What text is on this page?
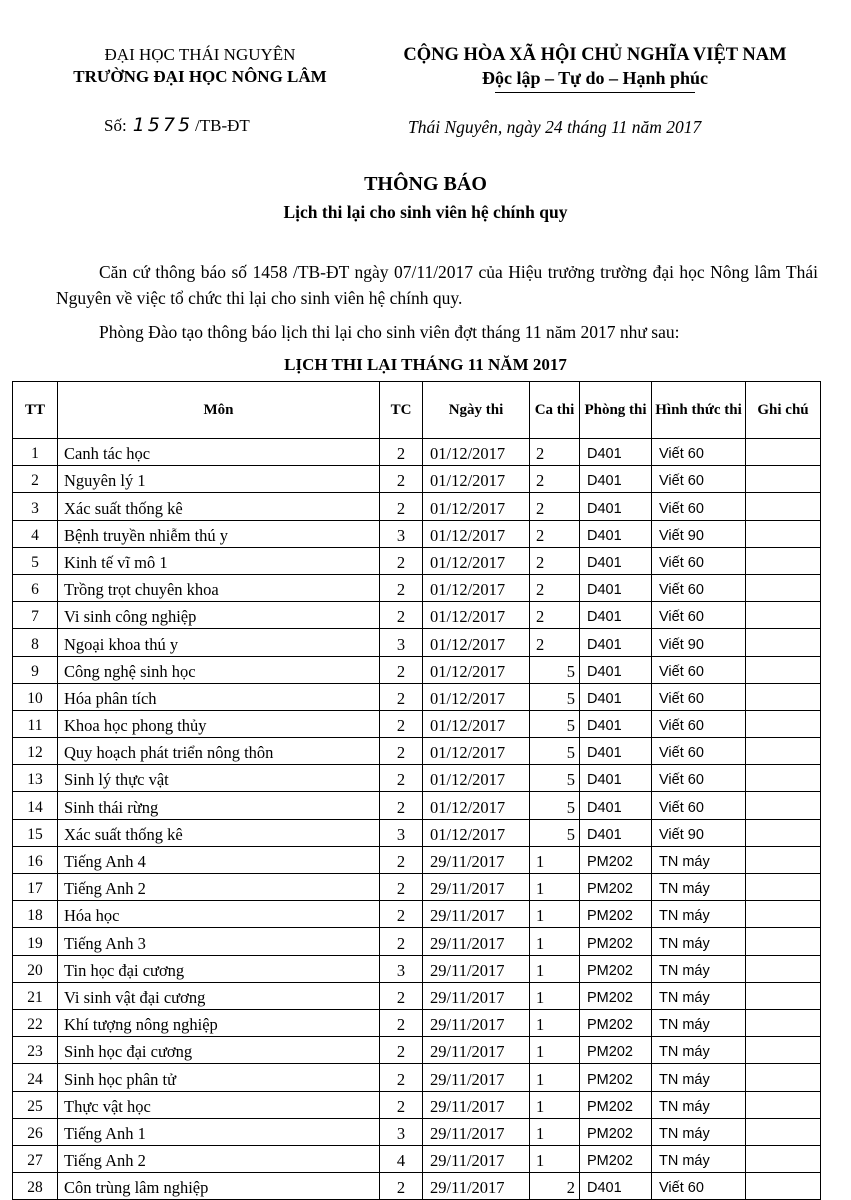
ĐẠI HỌC THÁI NGUYÊN
TRƯỜNG ĐẠI HỌC NÔNG LÂM
CỘNG HÒA XÃ HỘI CHỦ NGHĨA VIỆT NAM
Độc lập – Tự do – Hạnh phúc
Số: 1575 /TB-ĐT	Thái Nguyên, ngày 24 tháng 11 năm 2017
THÔNG BÁO
Lịch thi lại cho sinh viên hệ chính quy
Căn cứ thông báo số 1458 /TB-ĐT ngày 07/11/2017 của Hiệu trưởng trường đại học Nông lâm Thái Nguyên về việc tổ chức thi lại cho sinh viên hệ chính quy.
Phòng Đào tạo thông báo lịch thi lại cho sinh viên đợt tháng 11 năm 2017 như sau:
LỊCH THI LẠI THÁNG 11 NĂM 2017
TT	Môn	TC	Ngày thi	Ca thi	Phòng thi	Hình thức thi	Ghi chú
1	Canh tác học	2	01/12/2017	2	D401	Viết 60	
2	Nguyên lý 1	2	01/12/2017	2	D401	Viết 60	
3	Xác suất thống kê	2	01/12/2017	2	D401	Viết 60	
4	Bệnh truyền nhiễm thú y	3	01/12/2017	2	D401	Viết 90	
5	Kinh tế vĩ mô 1	2	01/12/2017	2	D401	Viết 60	
6	Trồng trọt chuyên khoa	2	01/12/2017	2	D401	Viết 60	
7	Vi sinh công nghiệp	2	01/12/2017	2	D401	Viết 60	
8	Ngoại khoa thú y	3	01/12/2017	2	D401	Viết 90	
9	Công nghệ sinh học	2	01/12/2017	5	D401	Viết 60	
10	Hóa phân tích	2	01/12/2017	5	D401	Viết 60	
11	Khoa học phong thủy	2	01/12/2017	5	D401	Viết 60	
12	Quy hoạch phát triển nông thôn	2	01/12/2017	5	D401	Viết 60	
13	Sinh lý thực vật	2	01/12/2017	5	D401	Viết 60	
14	Sinh thái rừng	2	01/12/2017	5	D401	Viết 60	
15	Xác suất thống kê	3	01/12/2017	5	D401	Viết 90	
16	Tiếng Anh 4	2	29/11/2017	1	PM202	TN máy	
17	Tiếng Anh 2	2	29/11/2017	1	PM202	TN máy	
18	Hóa học	2	29/11/2017	1	PM202	TN máy	
19	Tiếng Anh 3	2	29/11/2017	1	PM202	TN máy	
20	Tin học đại cương	3	29/11/2017	1	PM202	TN máy	
21	Vi sinh vật đại cương	2	29/11/2017	1	PM202	TN máy	
22	Khí tượng nông nghiệp	2	29/11/2017	1	PM202	TN máy	
23	Sinh học đại cương	2	29/11/2017	1	PM202	TN máy	
24	Sinh học phân tử	2	29/11/2017	1	PM202	TN máy	
25	Thực vật học	2	29/11/2017	1	PM202	TN máy	
26	Tiếng Anh 1	3	29/11/2017	1	PM202	TN máy	
27	Tiếng Anh 2	4	29/11/2017	1	PM202	TN máy	
28	Côn trùng lâm nghiệp	2	29/11/2017	2	D401	Viết 60	
